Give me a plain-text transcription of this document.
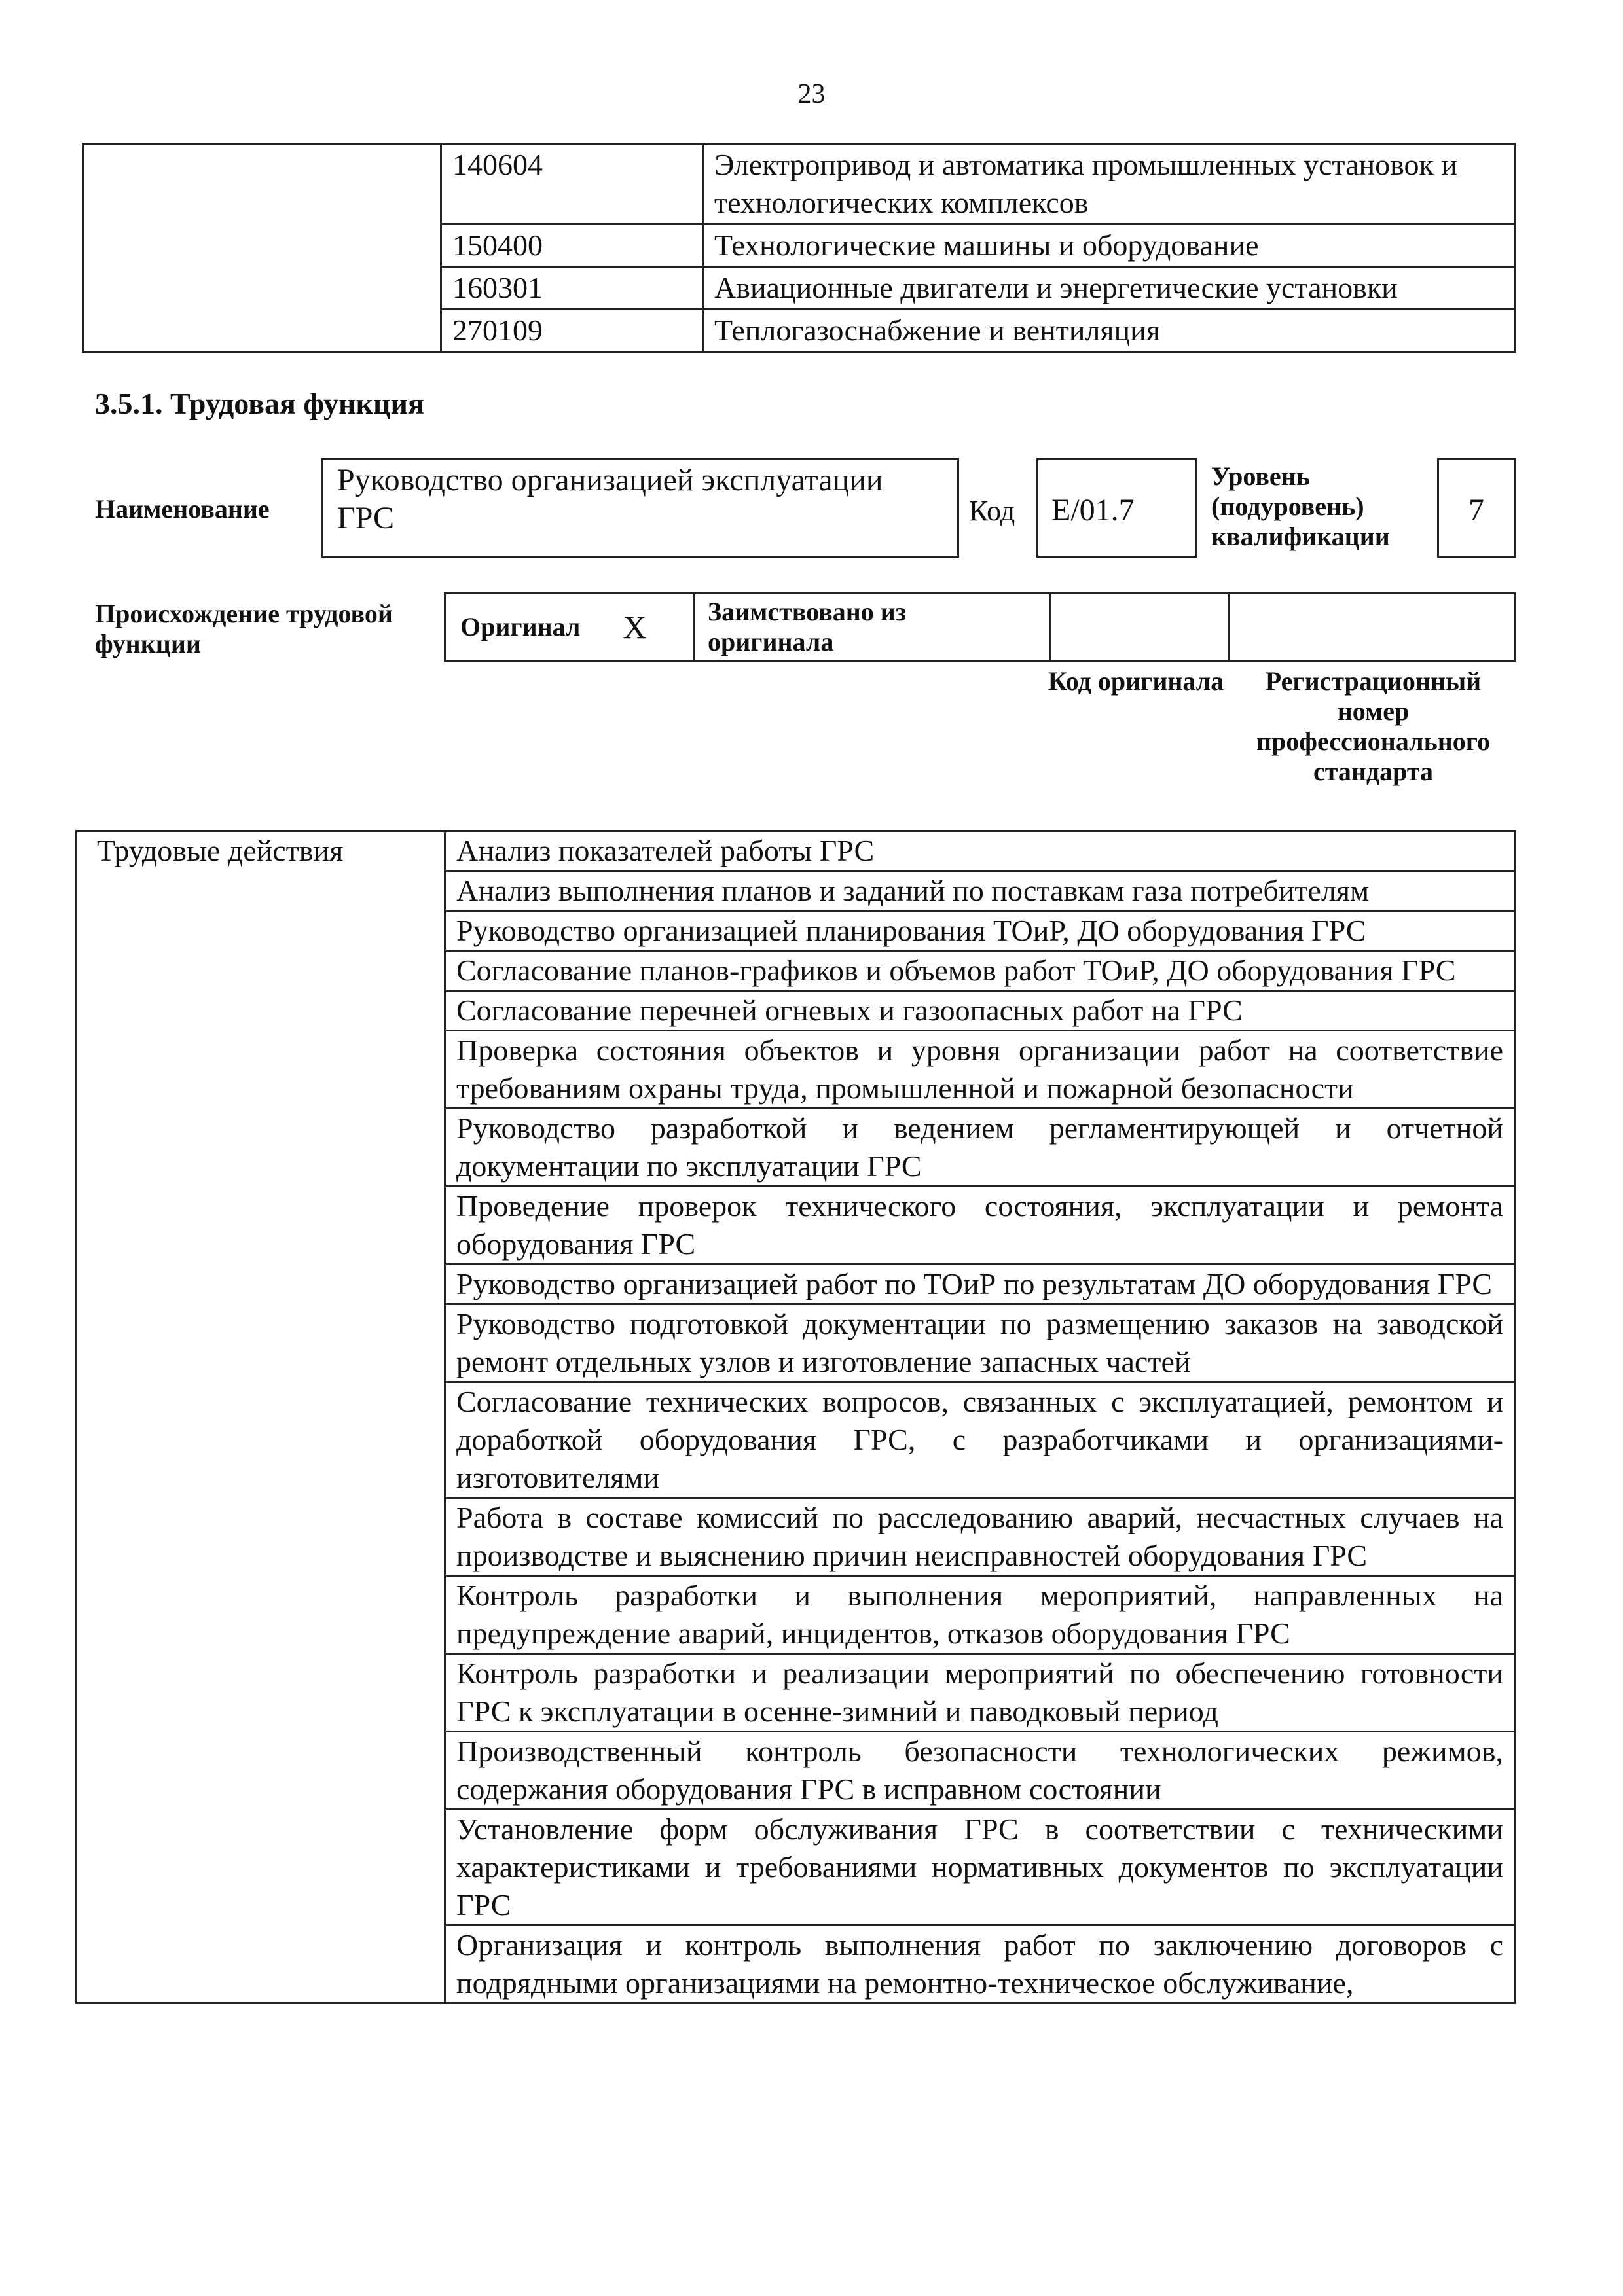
23
	140604	Электропривод и автоматика промышленных установок и технологических комплексов
	150400	Технологические машины и оборудование
	160301	Авиационные двигатели и энергетические установки
	270109	Теплогазоснабжение и вентиляция
3.5.1. Трудовая функция
Наименование
Руководство организацией эксплуатации ГРС	Код	E/01.7
Уровень (подуровень) квалификации
7
Происхождение трудовой функции
Оригинал X	Заимствовано из оригинала
Код оригинала	Регистрационный номер профессионального стандарта
Трудовые действия	Анализ показателей работы ГРС
Анализ выполнения планов и заданий по поставкам газа потребителям
Руководство организацией планирования ТОиР, ДО оборудования ГРС
Согласование планов-графиков и объемов работ ТОиР, ДО оборудования ГРС
Согласование перечней огневых и газоопасных работ на ГРС
Проверка состояния объектов и уровня организации работ на соответствие требованиям охраны труда, промышленной и пожарной безопасности
Руководство разработкой и ведением регламентирующей и отчетной документации по эксплуатации ГРС
Проведение проверок технического состояния, эксплуатации и ремонта оборудования ГРС
Руководство организацией работ по ТОиР по результатам ДО оборудования ГРС
Руководство подготовкой документации по размещению заказов на заводской ремонт отдельных узлов и изготовление запасных частей
Согласование технических вопросов, связанных с эксплуатацией, ремонтом и доработкой оборудования ГРС, с разработчиками и организациями-изготовителями
Работа в составе комиссий по расследованию аварий, несчастных случаев на производстве и выяснению причин неисправностей оборудования ГРС
Контроль разработки и выполнения мероприятий, направленных на предупреждение аварий, инцидентов, отказов оборудования ГРС
Контроль разработки и реализации мероприятий по обеспечению готовности ГРС к эксплуатации в осенне-зимний и паводковый период
Производственный контроль безопасности технологических режимов, содержания оборудования ГРС в исправном состоянии
Установление форм обслуживания ГРС в соответствии с техническими характеристиками и требованиями нормативных документов по эксплуатации ГРС
Организация и контроль выполнения работ по заключению договоров с подрядными организациями на ремонтно-техническое обслуживание,
